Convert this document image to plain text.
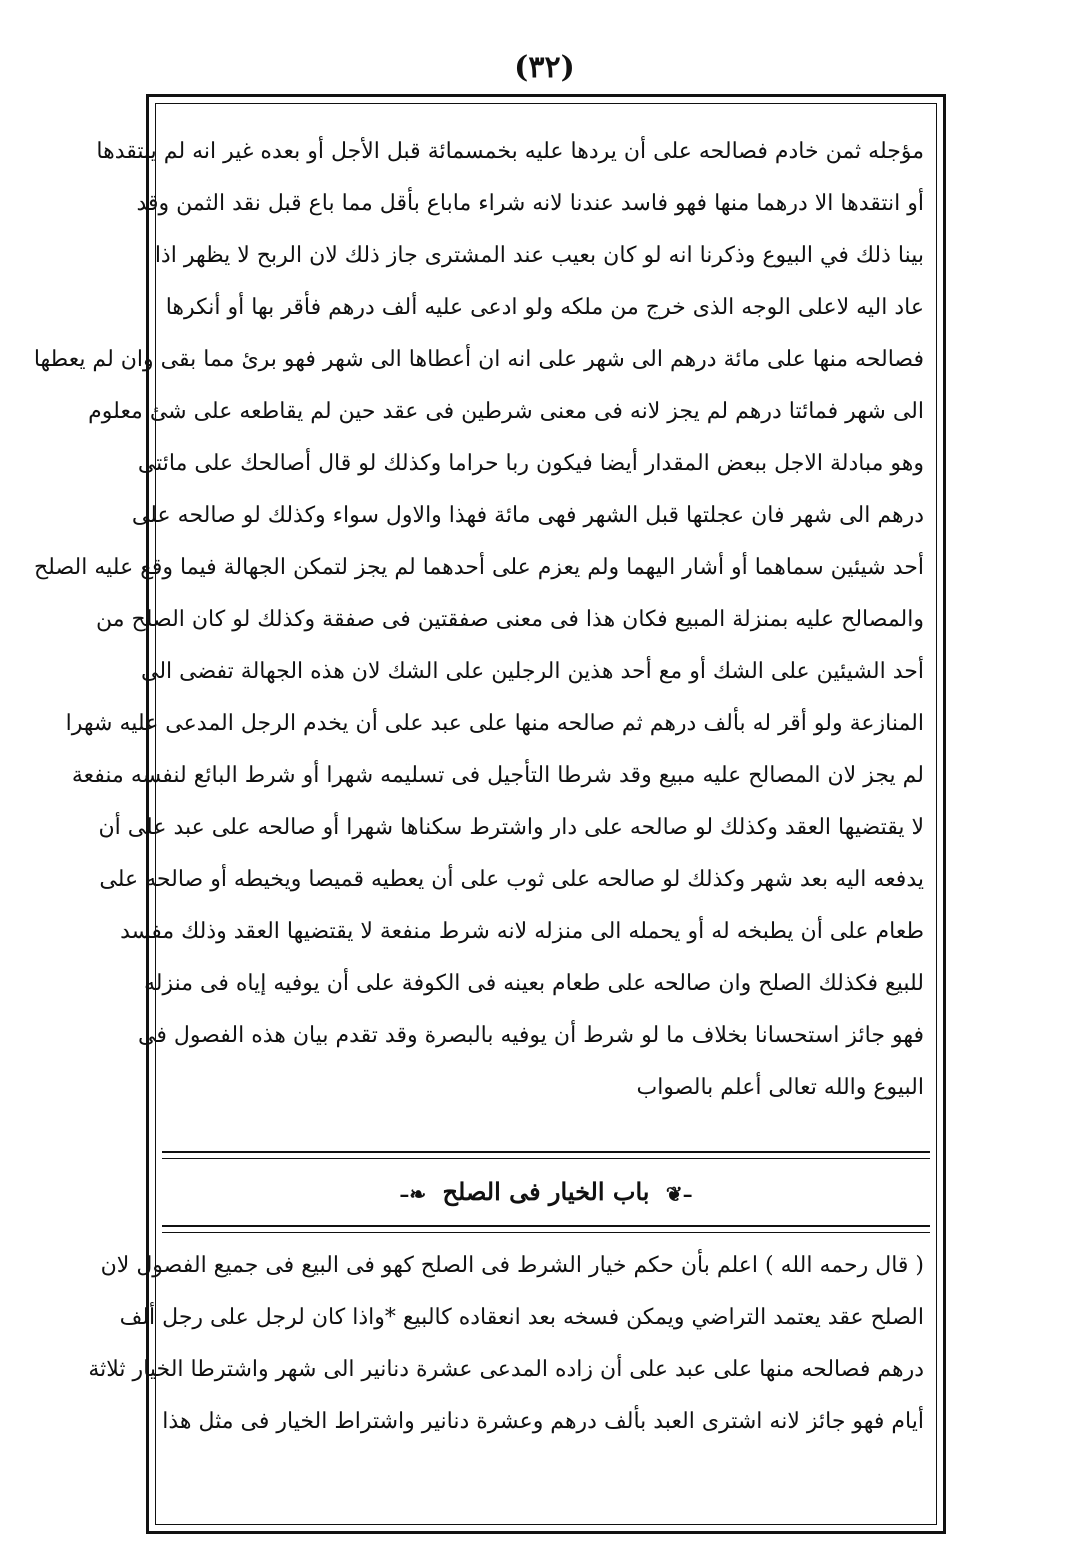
(٣٢)

مؤجله ثمن خادم فصالحه على أن يردها عليه بخمسمائة قبل الأجل أو بعده غير انه لم ينتقدها

أو انتقدها الا درهما منها فهو فاسد عندنا لانه شراء ماباع بأقل مما باع قبل نقد الثمن وقد

بينا ذلك في البيوع وذكرنا انه لو كان بعيب عند المشترى جاز ذلك لان الربح لا يظهر اذا

عاد اليه لاعلى الوجه الذى خرج من ملكه ولو ادعى عليه ألف درهم فأقر بها أو أنكرها

فصالحه منها على مائة درهم الى شهر على انه ان أعطاها الى شهر فهو برئ مما بقى وان لم يعطها

الى شهر فمائتا درهم لم يجز لانه فى معنى شرطين فى عقد حين لم يقاطعه على شئ معلوم

وهو مبادلة الاجل ببعض المقدار أيضا فيكون ربا حراما وكذلك لو قال أصالحك على مائتى

درهم الى شهر فان عجلتها قبل الشهر فهى مائة فهذا والاول سواء وكذلك لو صالحه على

أحد شيئين سماهما أو أشار اليهما ولم يعزم على أحدهما لم يجز لتمكن الجهالة فيما وقع عليه الصلح

والمصالح عليه بمنزلة المبيع فكان هذا فى معنى صفقتين فى صفقة وكذلك لو كان الصلح من

أحد الشيئين على الشك أو مع أحد هذين الرجلين على الشك لان هذه الجهالة تفضى الى

المنازعة ولو أقر له بألف درهم ثم صالحه منها على عبد على أن يخدم الرجل المدعى عليه شهرا

لم يجز لان المصالح عليه مبيع وقد شرطا التأجيل فى تسليمه شهرا أو شرط البائع لنفسه منفعة

لا يقتضيها العقد وكذلك لو صالحه على دار واشترط سكناها شهرا أو صالحه على عبد على أن

يدفعه اليه بعد شهر وكذلك لو صالحه على ثوب على أن يعطيه قميصا ويخيطه أو صالحه على

طعام على أن يطبخه له أو يحمله الى منزله لانه شرط منفعة لا يقتضيها العقد وذلك مفسد

للبيع فكذلك الصلح وان صالحه على طعام بعينه فى الكوفة على أن يوفيه إياه فى منزله

فهو جائز استحسانا بخلاف ما لو شرط أن يوفيه بالبصرة وقد تقدم بيان هذه الفصول فى

البيوع والله تعالى أعلم بالصواب

–❦ باب الخيار فى الصلح ❧–

( قال رحمه الله ) اعلم بأن حكم خيار الشرط فى الصلح كهو فى البيع فى جميع الفصول لان

الصلح عقد يعتمد التراضي ويمكن فسخه بعد انعقاده كالبيع *واذا كان لرجل على رجل ألف

درهم فصالحه منها على عبد على أن زاده المدعى عشرة دنانير الى شهر واشترطا الخيار ثلاثة

أيام فهو جائز لانه اشترى العبد بألف درهم وعشرة دنانير واشتراط الخيار فى مثل هذا
